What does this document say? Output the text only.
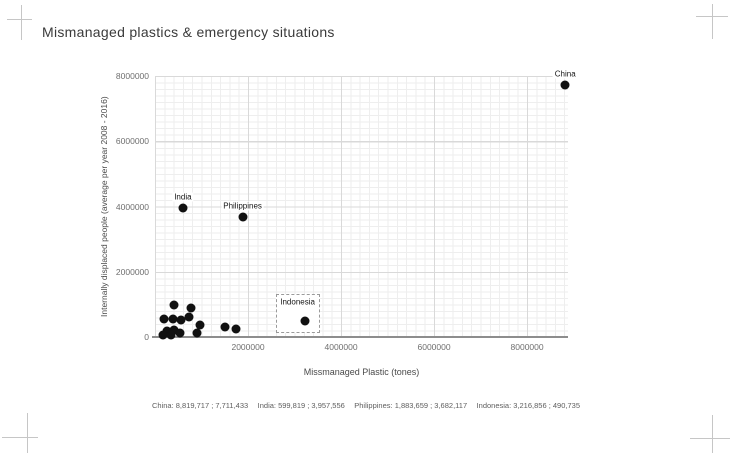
Mismanaged plastics & emergency situations
Internally displaced people (average per year 2008 - 2016)
China
India
Philippines
Indonesia
0
2000000
4000000
6000000
8000000
2000000	4000000	6000000	8000000
Missmanaged Plastic (tones)
China: 8,819,717 ; 7,711,433 India: 599,819 ; 3,957,556 Philippines: 1,883,659 ; 3,682,117 Indonesia: 3,216,856 ; 490,735
